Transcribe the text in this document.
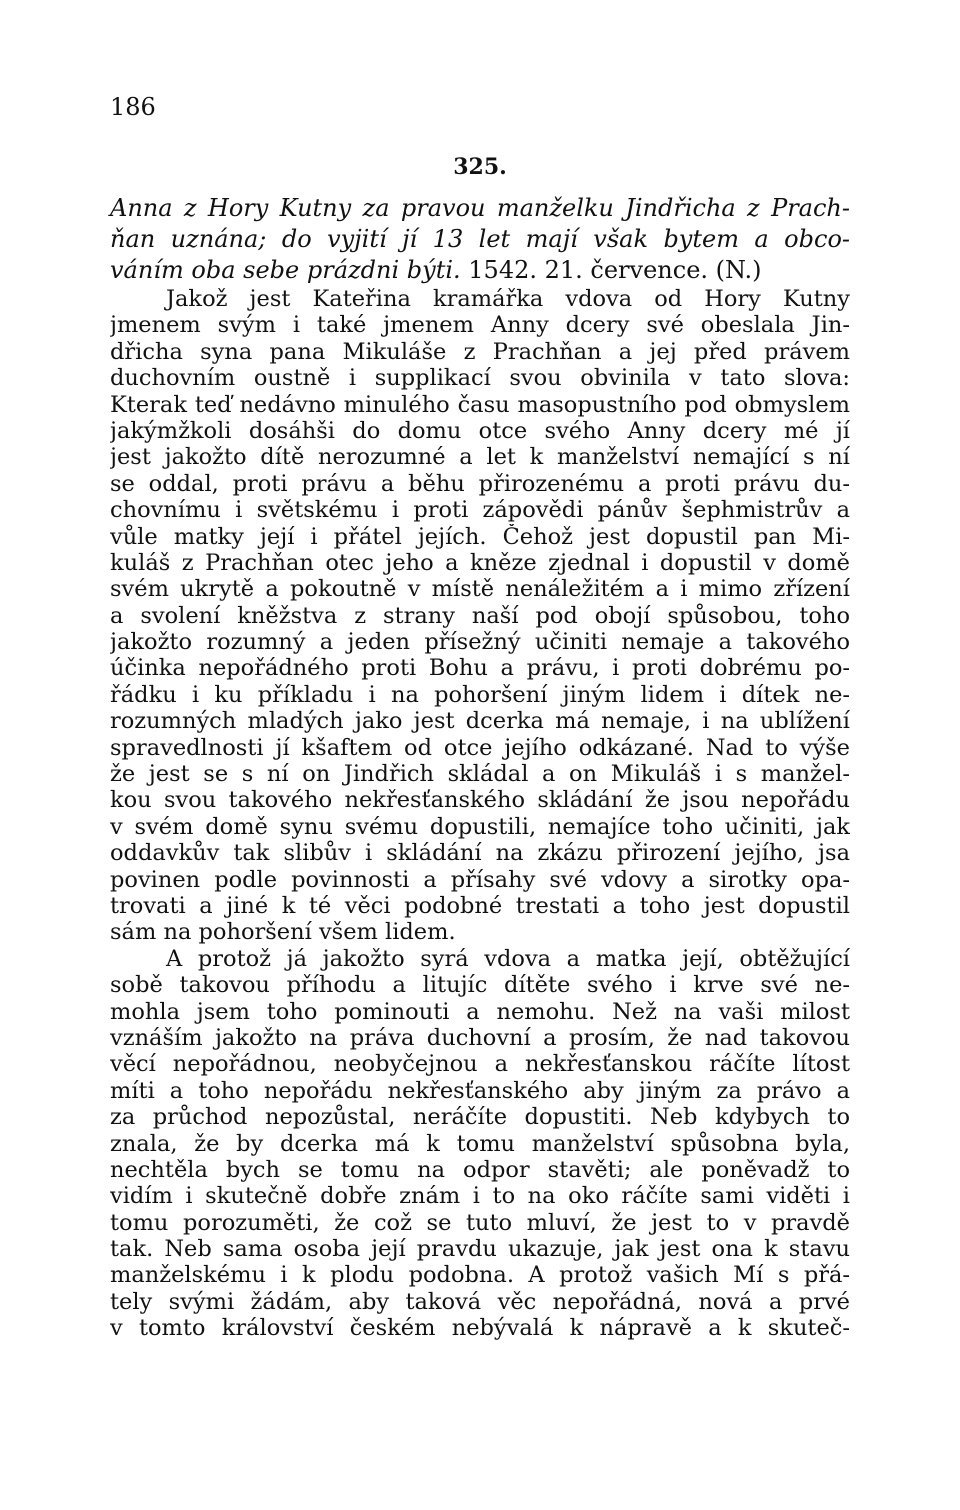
186
325.
Anna z Hory Kutny za pravou manželku Jindřicha z Prach-
ňan uznána; do vyjití jí 13 let mají však bytem a obco-
váním oba sebe prázdni býti. 1542. 21. července. (N.)
Jakož jest Kateřina kramářka vdova od Hory Kutny
jmenem svým i také jmenem Anny dcery své obeslala Jin-
dřicha syna pana Mikuláše z Prachňan a jej před právem
duchovním oustně i supplikací svou obvinila v tato slova:
Kterak teď nedávno minulého času masopustního pod obmyslem
jakýmžkoli dosáhši do domu otce svého Anny dcery mé jí
jest jakožto dítě nerozumné a let k manželství nemající s ní
se oddal, proti právu a běhu přirozenému a proti právu du-
chovnímu i světskému i proti zápovědi pánův šephmistrův a
vůle matky její i přátel jejích. Čehož jest dopustil pan Mi-
kuláš z Prachňan otec jeho a kněze zjednal i dopustil v domě
svém ukrytě a pokoutně v místě nenáležitém a i mimo zřízení
a svolení kněžstva z strany naší pod obojí spůsobou, toho
jakožto rozumný a jeden přísežný učiniti nemaje a takového
účinka nepořádného proti Bohu a právu, i proti dobrému po-
řádku i ku příkladu i na pohoršení jiným lidem i dítek ne-
rozumných mladých jako jest dcerka má nemaje, i na ublížení
spravedlnosti jí kšaftem od otce jejího odkázané. Nad to výše
že jest se s ní on Jindřich skládal a on Mikuláš i s manžel-
kou svou takového nekřesťanského skládání že jsou nepořádu
v svém domě synu svému dopustili, nemajíce toho učiniti, jak
oddavkův tak slibův i skládání na zkázu přirození jejího, jsa
povinen podle povinnosti a přísahy své vdovy a sirotky opa-
trovati a jiné k té věci podobné trestati a toho jest dopustil
sám na pohoršení všem lidem.
A protož já jakožto syrá vdova a matka její, obtěžující
sobě takovou příhodu a litujíc dítěte svého i krve své ne-
mohla jsem toho pominouti a nemohu. Než na vaši milost
vznáším jakožto na práva duchovní a prosím, že nad takovou
věcí nepořádnou, neobyčejnou a nekřesťanskou ráčíte lítost
míti a toho nepořádu nekřesťanského aby jiným za právo a
za průchod nepozůstal, neráčíte dopustiti. Neb kdybych to
znala, že by dcerka má k tomu manželství spůsobna byla,
nechtěla bych se tomu na odpor stavěti; ale poněvadž to
vidím i skutečně dobře znám i to na oko ráčíte sami viděti i
tomu porozuměti, že což se tuto mluví, že jest to v pravdě
tak. Neb sama osoba její pravdu ukazuje, jak jest ona k stavu
manželskému i k plodu podobna. A protož vašich Mí s přá-
tely svými žádám, aby taková věc nepořádná, nová a prvé
v tomto království českém nebývalá k nápravě a k skuteč-
